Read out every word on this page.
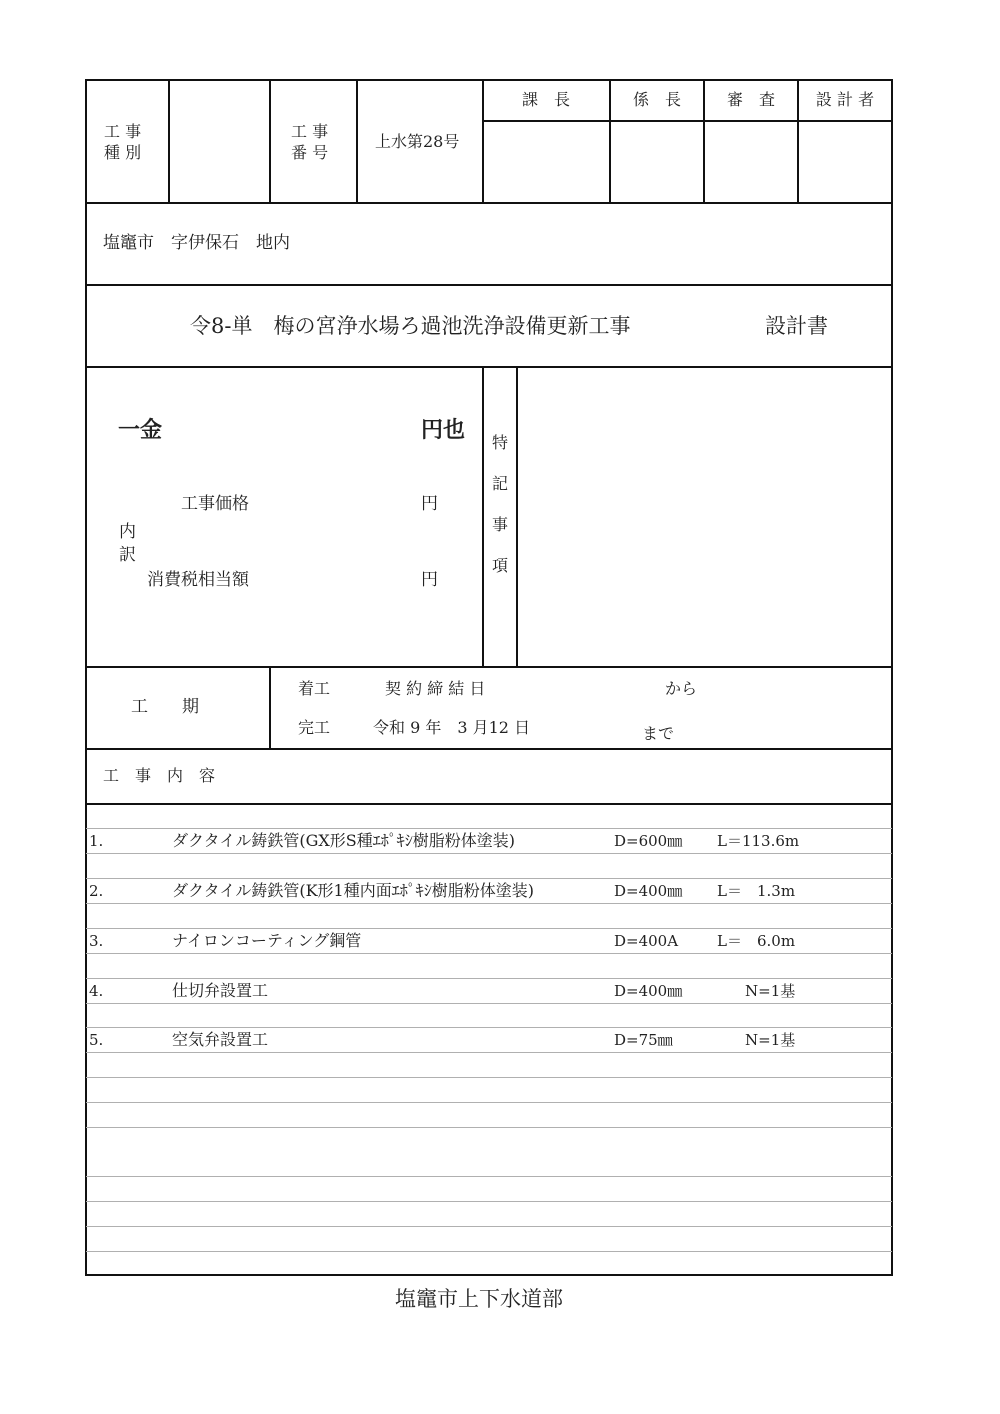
工 事
種 別
工 事
番 号
上水第28号
課　長	係　長	審　査	設 計 者
塩竈市　字伊保石　地内
令8-単　梅の宮浄水場ろ過池洗浄設備更新工事	設計書
一金	円也
工事価格	円
内
訳
消費税相当額	円
特
記
事
項
工　　期
着工	契 約 締 結 日	から
完工	令和 9 年　3 月12 日	まで
工　事　内　容
1.	ダクタイル鋳鉄管(GX形S種ｴﾎﾟｷｼ樹脂粉体塗装)	D=600㎜ L＝113.6m
2.	ダクタイル鋳鉄管(K形1種内面ｴﾎﾟｷｼ樹脂粉体塗装)	D=400㎜ L＝　1.3m
3.	ナイロンコーティング鋼管	D=400A	L＝　6.0m
4.	仕切弁設置工	D=400㎜	N=1基
5.	空気弁設置工	D=75㎜	N=1基
塩竈市上下水道部
